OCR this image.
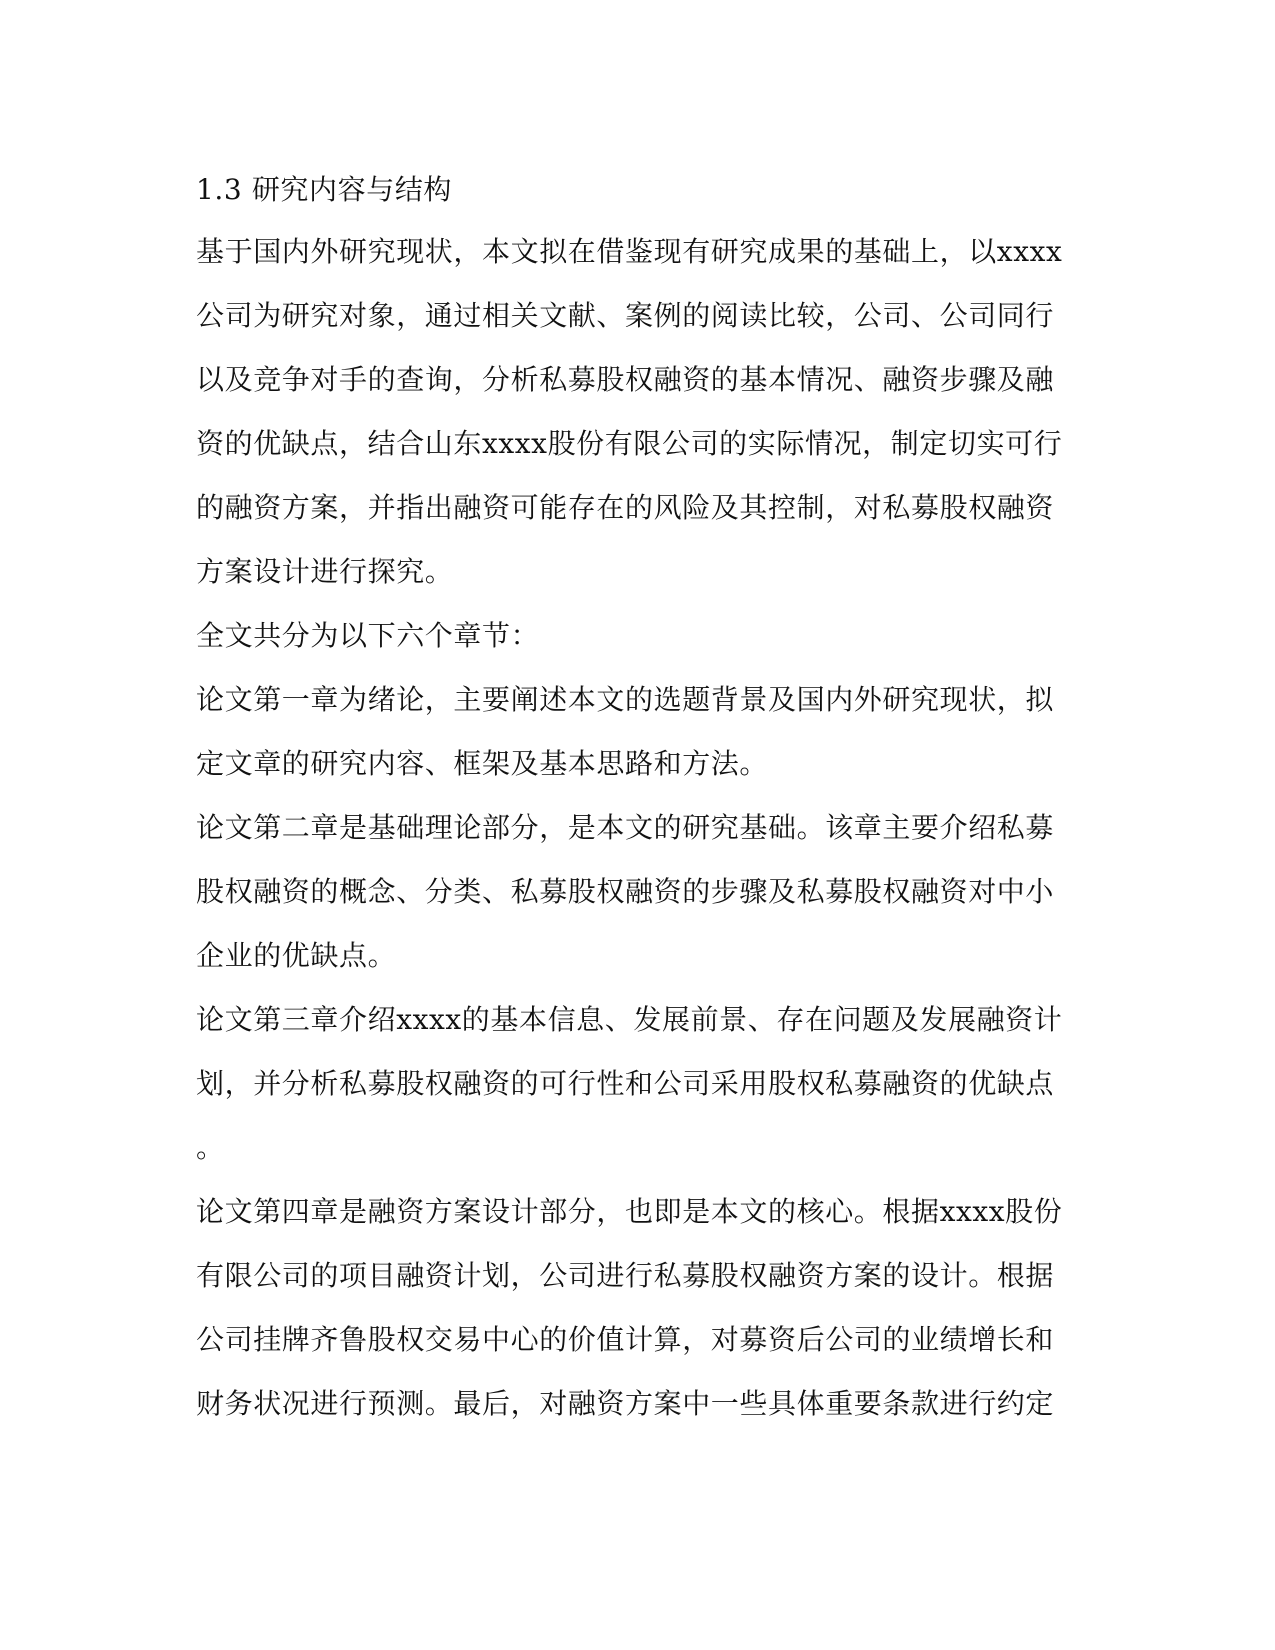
1.3 研究内容与结构
基于国内外研究现状，本文拟在借鉴现有研究成果的基础上，以xxxx
公司为研究对象，通过相关文献、案例的阅读比较，公司、公司同行
以及竞争对手的查询，分析私募股权融资的基本情况、融资步骤及融
资的优缺点，结合山东xxxx股份有限公司的实际情况，制定切实可行
的融资方案，并指出融资可能存在的风险及其控制，对私募股权融资
方案设计进行探究。
全文共分为以下六个章节：
论文第一章为绪论，主要阐述本文的选题背景及国内外研究现状，拟
定文章的研究内容、框架及基本思路和方法。
论文第二章是基础理论部分，是本文的研究基础。该章主要介绍私募
股权融资的概念、分类、私募股权融资的步骤及私募股权融资对中小
企业的优缺点。
论文第三章介绍xxxx的基本信息、发展前景、存在问题及发展融资计
划，并分析私募股权融资的可行性和公司采用股权私募融资的优缺点
。
论文第四章是融资方案设计部分，也即是本文的核心。根据xxxx股份
有限公司的项目融资计划，公司进行私募股权融资方案的设计。根据
公司挂牌齐鲁股权交易中心的价值计算，对募资后公司的业绩增长和
财务状况进行预测。最后，对融资方案中一些具体重要条款进行约定
